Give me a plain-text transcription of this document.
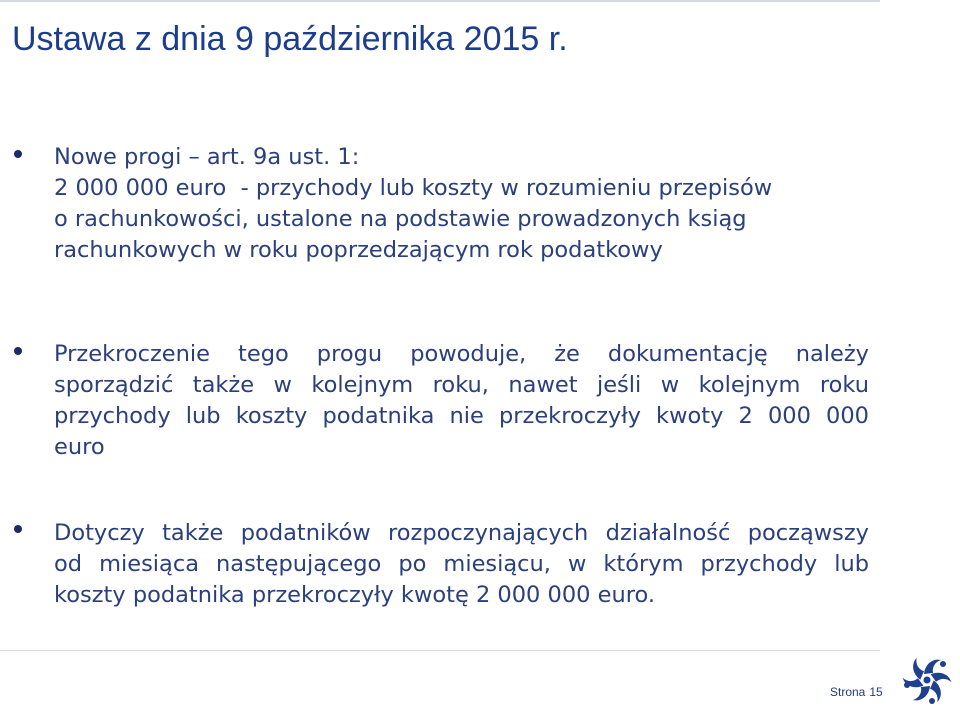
Ustawa z dnia 9 października 2015 r.
Nowe progi – art. 9a ust. 1:
2 000 000 euro  - przychody lub koszty w rozumieniu przepisów
o rachunkowości, ustalone na podstawie prowadzonych ksiąg
rachunkowych w roku poprzedzającym rok podatkowy
Przekroczenie tego progu powoduje, że dokumentację należy
sporządzić także w kolejnym roku, nawet jeśli w kolejnym roku
przychody lub koszty podatnika nie przekroczyły kwoty 2 000 000
euro
Dotyczy także podatników rozpoczynających działalność począwszy
od miesiąca następującego po miesiącu, w którym przychody lub
koszty podatnika przekroczyły kwotę 2 000 000 euro.
Strona 15
